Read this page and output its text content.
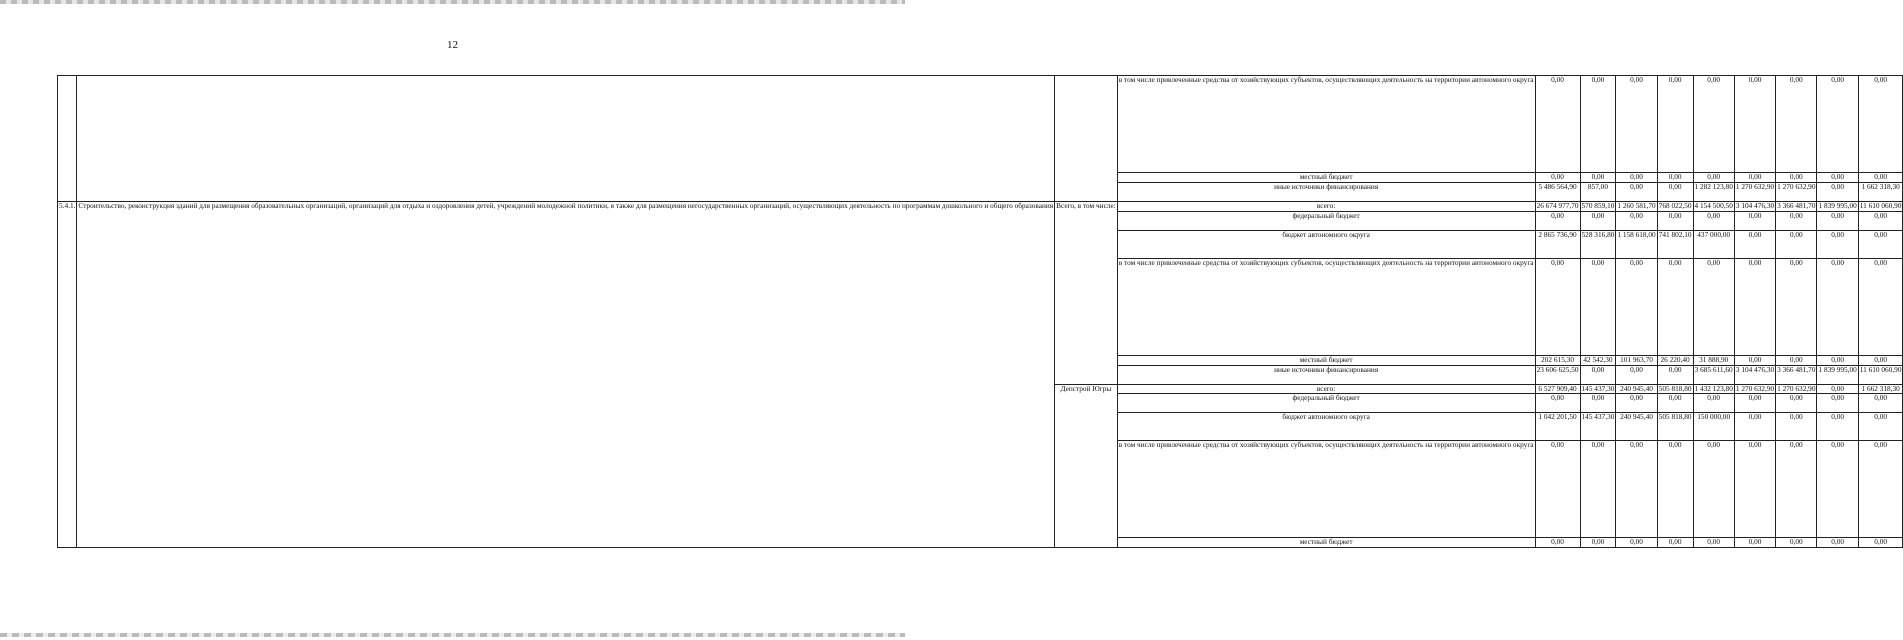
12
			в том числе привлеченные средства от хозяйствующих субъектов, осуществляющих деятельность на территории автономного округа	0,00	0,00	0,00	0,00	0,00	0,00	0,00	0,00	0,00
			местный бюджет	0,00	0,00	0,00	0,00	0,00	0,00	0,00	0,00	0,00
			иные источники финансирования	5 486 564,90	857,00	0,00	0,00	1 282 123,80	1 270 632,90	1 270 632,90	0,00	1 662 318,30
5.4.1.	Строительство, реконструкция зданий для размещения образовательных организаций, организаций для отдыха и оздоровления детей, учреждений молодежной политики, в также для размещения негосударственных организаций, осуществляющих деятельность по программам дошкольного и общего образования	Всего, в том числе:	всего:	26 674 977,70	570 859,10	1 260 581,70	768 022,50	4 154 500,50	3 104 476,30	3 366 481,70	1 839 995,00	11 610 060,90
			федеральный бюджет	0,00	0,00	0,00	0,00	0,00	0,00	0,00	0,00	0,00
			бюджет автономного округа	2 865 736,90	528 316,80	1 158 618,00	741 802,10	437 000,00	0,00	0,00	0,00	0,00
			в том числе привлеченные средства от хозяйствующих субъектов, осуществляющих деятельность на территории автономного округа	0,00	0,00	0,00	0,00	0,00	0,00	0,00	0,00	0,00
			местный бюджет	202 615,30	42 542,30	101 963,70	26 220,40	31 888,90	0,00	0,00	0,00	0,00
			иные источники финансирования	23 606 625,50	0,00	0,00	0,00	3 685 611,60	3 104 476,30	3 366 481,70	1 839 995,00	11 610 060,90
		Депстрой Югры	всего:	6 527 909,40	145 437,30	240 945,40	505 818,80	1 432 123,80	1 270 632,90	1 270 632,90	0,00	1 662 318,30
			федеральный бюджет	0,00	0,00	0,00	0,00	0,00	0,00	0,00	0,00	0,00
			бюджет автономного округа	1 042 201,50	145 437,30	240 945,40	505 818,80	150 000,00	0,00	0,00	0,00	0,00
			в том числе привлеченные средства от хозяйствующих субъектов, осуществляющих деятельность на территории автономного округа	0,00	0,00	0,00	0,00	0,00	0,00	0,00	0,00	0,00
			местный бюджет	0,00	0,00	0,00	0,00	0,00	0,00	0,00	0,00	0,00
